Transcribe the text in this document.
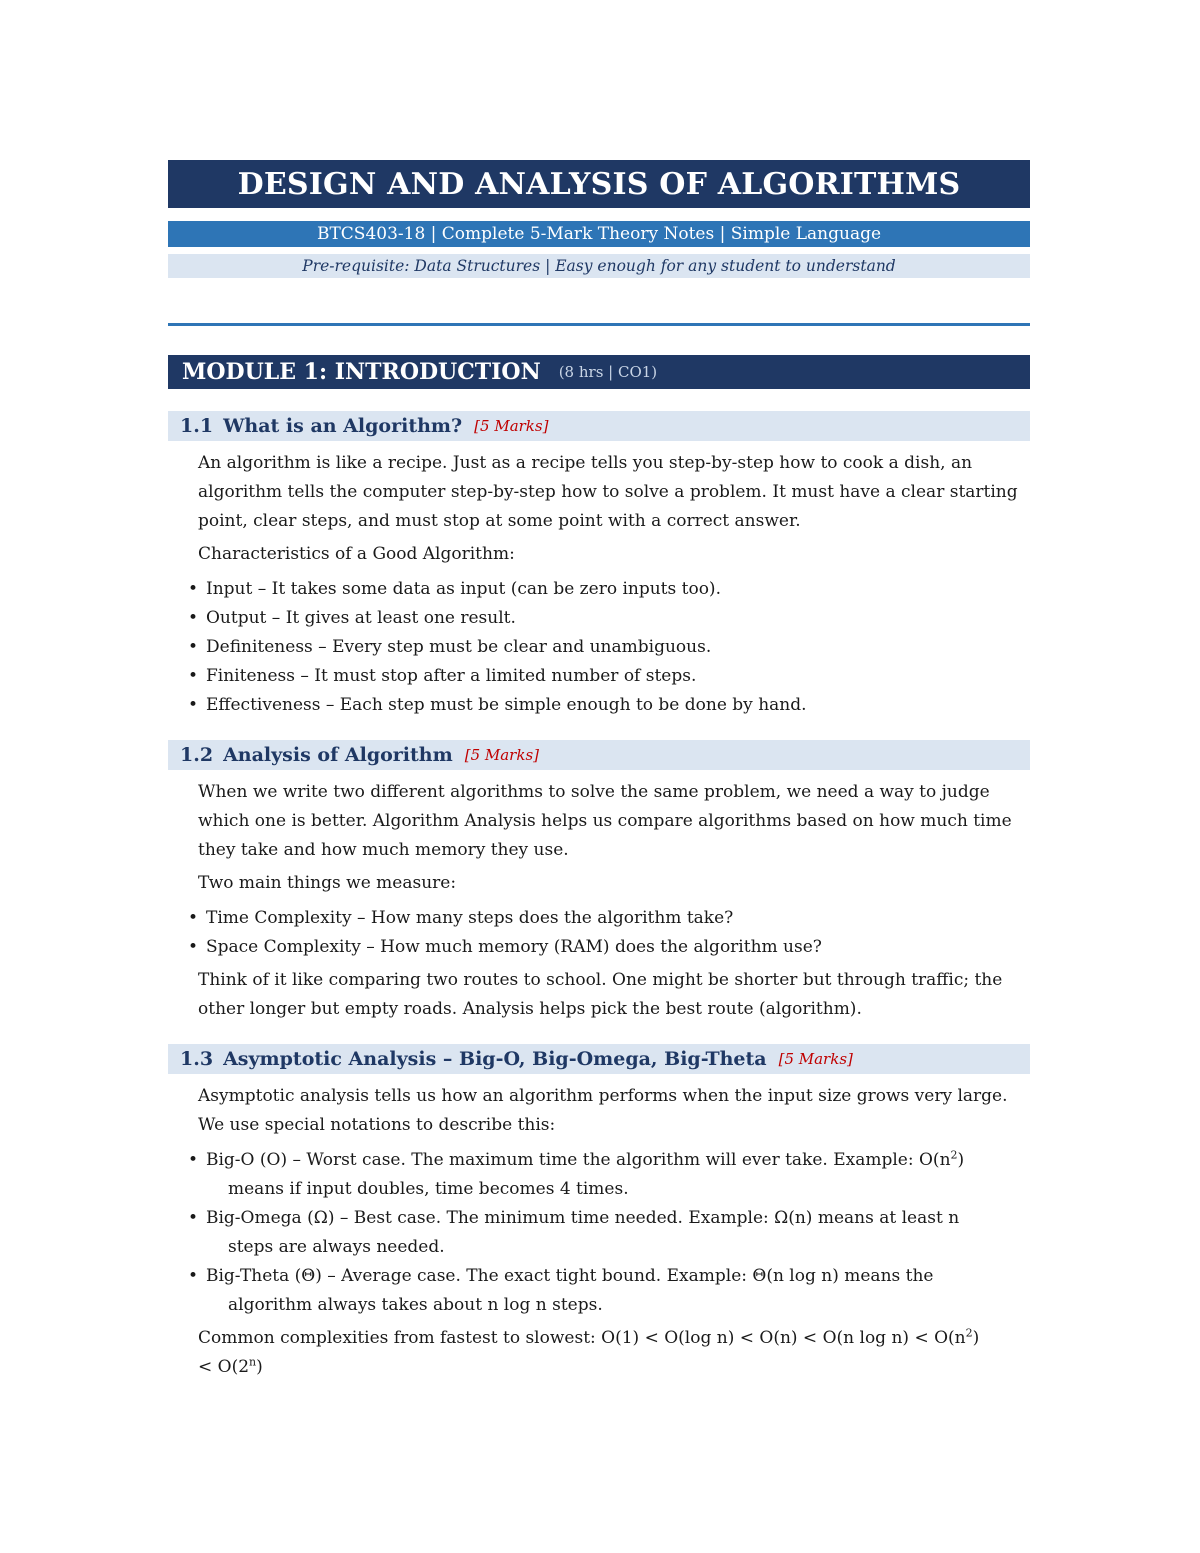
DESIGN AND ANALYSIS OF ALGORITHMS
BTCS403-18 | Complete 5-Mark Theory Notes | Simple Language
Pre-requisite: Data Structures | Easy enough for any student to understand
MODULE 1: INTRODUCTION (8 hrs | CO1)
1.1 What is an Algorithm? [5 Marks]

An algorithm is like a recipe. Just as a recipe tells you step-by-step how to cook a dish, an algorithm tells the computer step-by-step how to solve a problem. It must have a clear starting point, clear steps, and must stop at some point with a correct answer.

Characteristics of a Good Algorithm:

• Input – It takes some data as input (can be zero inputs too).
• Output – It gives at least one result.
• Definiteness – Every step must be clear and unambiguous.
• Finiteness – It must stop after a limited number of steps.
• Effectiveness – Each step must be simple enough to be done by hand.
1.2 Analysis of Algorithm [5 Marks]

When we write two different algorithms to solve the same problem, we need a way to judge which one is better. Algorithm Analysis helps us compare algorithms based on how much time they take and how much memory they use.

Two main things we measure:

• Time Complexity – How many steps does the algorithm take?
• Space Complexity – How much memory (RAM) does the algorithm use?

Think of it like comparing two routes to school. One might be shorter but through traffic; the other longer but empty roads. Analysis helps pick the best route (algorithm).

1.3 Asymptotic Analysis – Big-O, Big-Omega, Big-Theta [5 Marks]

Asymptotic analysis tells us how an algorithm performs when the input size grows very large. We use special notations to describe this:

• Big-O (O) – Worst case. The maximum time the algorithm will ever take. Example: $O(n^2)$
means if input doubles, time becomes 4 times.
• Big-Omega (Ω) – Best case. The minimum time needed. Example: Ω(n) means at least n
steps are always needed.
• Big-Theta (Θ) – Average case. The exact tight bound. Example: Θ(n log n) means the
algorithm always takes about n log n steps.

Common complexities from fastest to slowest: O(1) < O(log n) < O(n) < O(n $\log n) < O(n^2)$
< $O(2^n)$
